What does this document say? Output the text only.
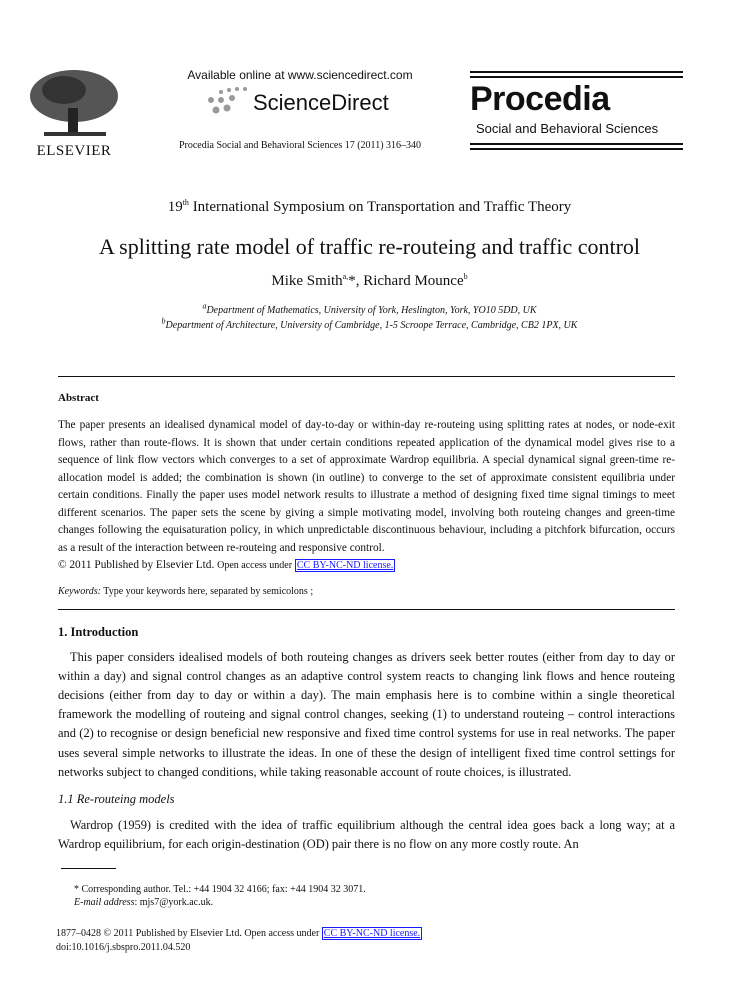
ELSEVIER
Available online at www.sciencedirect.com
ScienceDirect
Procedia Social and Behavioral Sciences 17 (2011) 316–340
Procedia
Social and Behavioral Sciences
19th International Symposium on Transportation and Traffic Theory
A splitting rate model of traffic re-routeing and traffic control
Mike Smith$^{a,}$*, Richard Mounce$^b$
$^a$Department of Mathematics, University of York, Heslington, York, YO10 5DD, UK
$^b$Department of Architecture, University of Cambridge, 1-5 Scroope Terrace, Cambridge, CB2 1PX, UK
Abstract
The paper presents an idealised dynamical model of day-to-day or within-day re-routeing using splitting rates at nodes, or node-exit flows, rather than route-flows. It is shown that under certain conditions repeated application of the dynamical model gives rise to a sequence of link flow vectors which converges to a set of approximate Wardrop equilibria. A special dynamical signal green-time re-allocation model is added; the combination is shown (in outline) to converge to the set of approximate consistent equilibria under certain conditions. Finally the paper uses model network results to illustrate a method of designing fixed time signal timings to meet different scenarios. The paper sets the scene by giving a simple motivating model, involving both routeing changes and green-time changes following the equisaturation policy, in which unpredictable discontinuous behaviour, including a pitchfork bifurcation, occurs as a result of the interaction between re-routeing and responsive control.
© 2011 Published by Elsevier Ltd. Open access under CC BY-NC-ND license.
Keywords: Type your keywords here, separated by semicolons ;
1. Introduction
This paper considers idealised models of both routeing changes as drivers seek better routes (either from day to day or within a day) and signal control changes as an adaptive control system reacts to changing link flows and hence routeing decisions (either from day to day or within a day). The main emphasis here is to combine within a single theoretical framework the modelling of routeing and signal control changes, seeking (1) to understand routeing – control interactions and (2) to recognise or design beneficial new responsive and fixed time control systems for use in real networks. The paper uses several simple networks to illustrate the ideas. In one of these the design of intelligent fixed time control settings for networks subject to changed conditions, while taking reasonable account of route choices, is illustrated.
1.1 Re-routeing models
Wardrop (1959) is credited with the idea of traffic equilibrium although the central idea goes back a long way; at a Wardrop equilibrium, for each origin-destination (OD) pair there is no flow on any more costly route. An
* Corresponding author. Tel.: +44 1904 32 4166; fax: +44 1904 32 3071.
E-mail address: mjs7@york.ac.uk.
1877–0428 © 2011 Published by Elsevier Ltd. Open access under CC BY-NC-ND license.
doi:10.1016/j.sbspro.2011.04.520
